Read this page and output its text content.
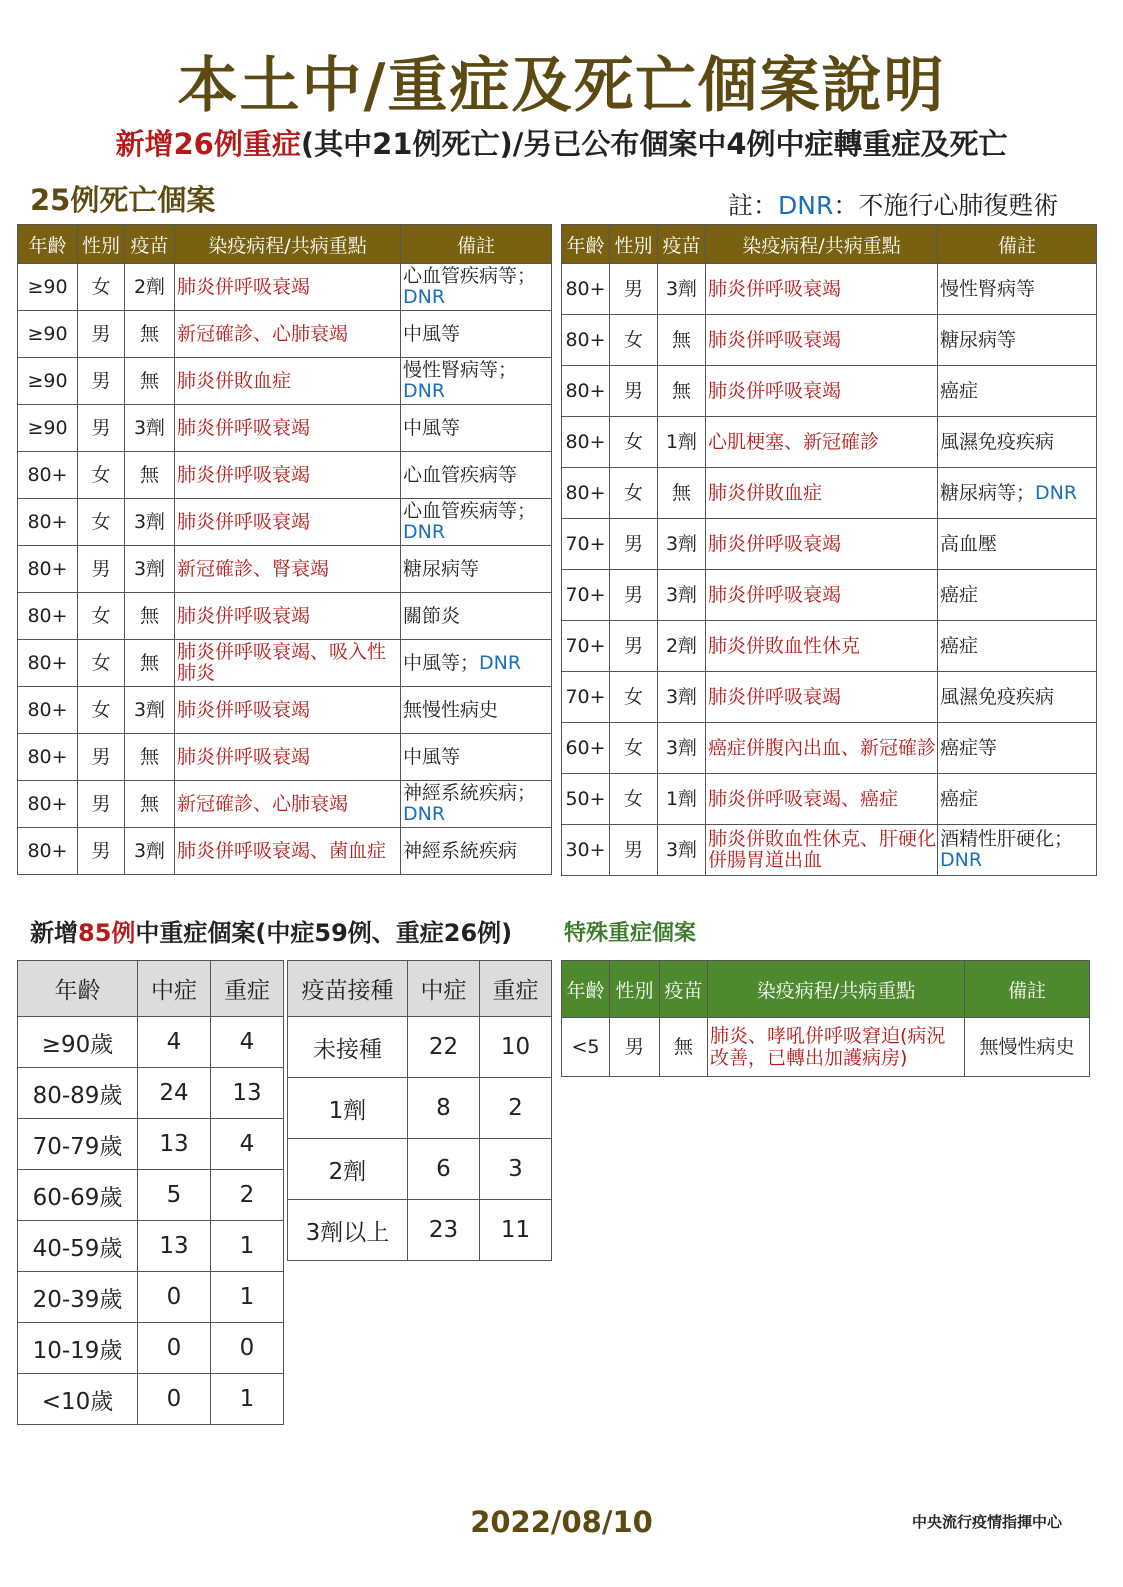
本土中/重症及死亡個案說明
新增26例重症(其中21例死亡)/另已公布個案中4例中症轉重症及死亡
25例死亡個案	註：DNR：不施行心肺復甦術
年齡	性別	疫苗	染疫病程/共病重點	備註
≥90	女	2劑	肺炎併呼吸衰竭	心血管疾病等；DNR
≥90	男	無	新冠確診、心肺衰竭	中風等
≥90	男	無	肺炎併敗血症	慢性腎病等；DNR
≥90	男	3劑	肺炎併呼吸衰竭	中風等
80+	女	無	肺炎併呼吸衰竭	心血管疾病等
80+	女	3劑	肺炎併呼吸衰竭	心血管疾病等；DNR
80+	男	3劑	新冠確診、腎衰竭	糖尿病等
80+	女	無	肺炎併呼吸衰竭	關節炎
80+	女	無	肺炎併呼吸衰竭、吸入性肺炎	中風等；DNR
80+	女	3劑	肺炎併呼吸衰竭	無慢性病史
80+	男	無	肺炎併呼吸衰竭	中風等
80+	男	無	新冠確診、心肺衰竭	神經系統疾病；DNR
80+	男	3劑	肺炎併呼吸衰竭、菌血症	神經系統疾病
年齡	性別	疫苗	染疫病程/共病重點	備註
80+	男	3劑	肺炎併呼吸衰竭	慢性腎病等
80+	女	無	肺炎併呼吸衰竭	糖尿病等
80+	男	無	肺炎併呼吸衰竭	癌症
80+	女	1劑	心肌梗塞、新冠確診	風濕免疫疾病
80+	女	無	肺炎併敗血症	糖尿病等；DNR
70+	男	3劑	肺炎併呼吸衰竭	高血壓
70+	男	3劑	肺炎併呼吸衰竭	癌症
70+	男	2劑	肺炎併敗血性休克	癌症
70+	女	3劑	肺炎併呼吸衰竭	風濕免疫疾病
60+	女	3劑	癌症併腹內出血、新冠確診	癌症等
50+	女	1劑	肺炎併呼吸衰竭、癌症	癌症
30+	男	3劑	肺炎併敗血性休克、肝硬化併腸胃道出血	酒精性肝硬化；DNR
新增85例中重症個案(中症59例、重症26例) 特殊重症個案
年齡	中症	重症
≥90歲	4	4
80-89歲	24	13
70-79歲	13	4
60-69歲	5	2
40-59歲	13	1
20-39歲	0	1
10-19歲	0	0
<10歲	0	1
疫苗接種	中症	重症
未接種	22	10
1劑	8	2
2劑	6	3
3劑以上	23	11
年齡	性別	疫苗	染疫病程/共病重點	備註
<5	男	無	肺炎、哮吼併呼吸窘迫(病況改善，已轉出加護病房)	無慢性病史
2022/08/10	中央流行疫情指揮中心
